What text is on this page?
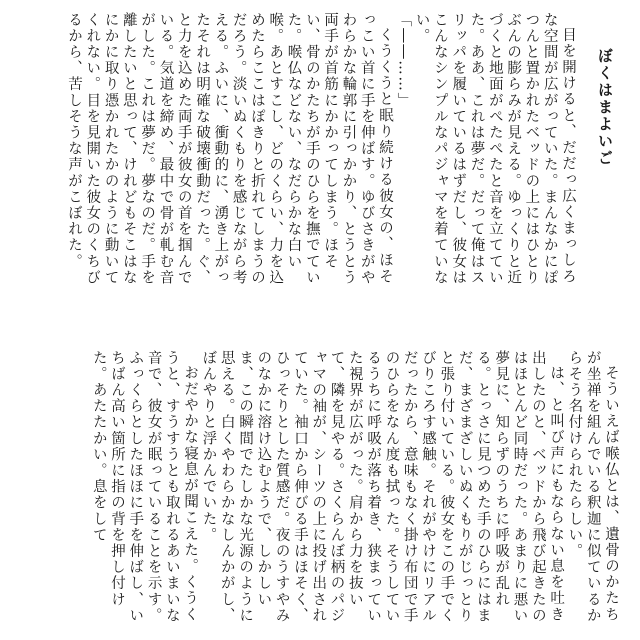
ぼくはまよいご
目を開けると、だだっ広くまっしろな空間が広がっていた。まんなかにぽつんと置かれたベッドの上にはひとりぶんの膨らみが見える。ゆっくりと近づくと地面がぺたぺたと音を立てていた。ああ、これは夢だ。だって俺はスリッパを履いているはずだし、彼女はこんなシンプルなパジャマを着ていない。
「――……」
くうくうと眠り続ける彼女の、ほそっこい首に手を伸ばす。ゆびさきがやわらかな輪郭に引っかかり、とうとう両手が首筋にかかってしまう。ほそい、骨のかたちが手のひらを撫でていた。喉仏などない、なだらかな白い喉。あとすこし、どのくらい、力を込めたらここはぽきりと折れてしまうのだろう。淡いぬくもりを感じながら考える。ふいに、衝動的に、湧き上がったそれは明確な破壊衝動だった。ぐ、と力を込めた両手が彼女の首を掴んでいる。気道を締め、最中で骨が軋む音がした。これは夢だ。夢なのだ。手を離したいと思って、けれどもそこはなにかに取り憑かれたかのように動いてくれない。目を見開いた彼女のくちびるから、苦しそうな声がこぼれた。
そういえば喉仏とは、遺骨のかたちが坐禅を組んでいる釈迦に似ているからそう名付けられたらしい。
は、と叫び声にもならない息を吐き出したのと、ベッドから飛び起きたのはほとんど同時だった。あまりに悪い夢見に、知らずのうちに呼吸が乱れる。とっさに見つめた手のひらにはまだ、まざまざしいぬくもりがじっとりと張り付いている。彼女をこの手でくびりころす感触。それがやけにリアルだったから、意味もなく掛け布団で手のひらをなん度も拭った。そうしているうちに呼吸が落ち着き、狭まっていた視界が広がった。肩から力を抜いて、隣を見やる。さくらんぼ柄のパジャマの袖が、シーツの上に投げ出されていた。袖口から伸びる手はほそく、ひっそりとした質感だ。夜のうすやみのなかに溶け込むようで、しかしいま、この瞬間でたしかな光源のように思える。白くやわらかなしんかがし、ぼんやりと浮かんでいた。
おだやかな寝息が聞こえた。くうくうと、すうすうとも取れるあいまいな音で、彼女が眠っていることを示す。ふっくらとしたほほに手を伸ばし、いちばん高い箇所に指の背を押し付けた。あたたかい。息をして
